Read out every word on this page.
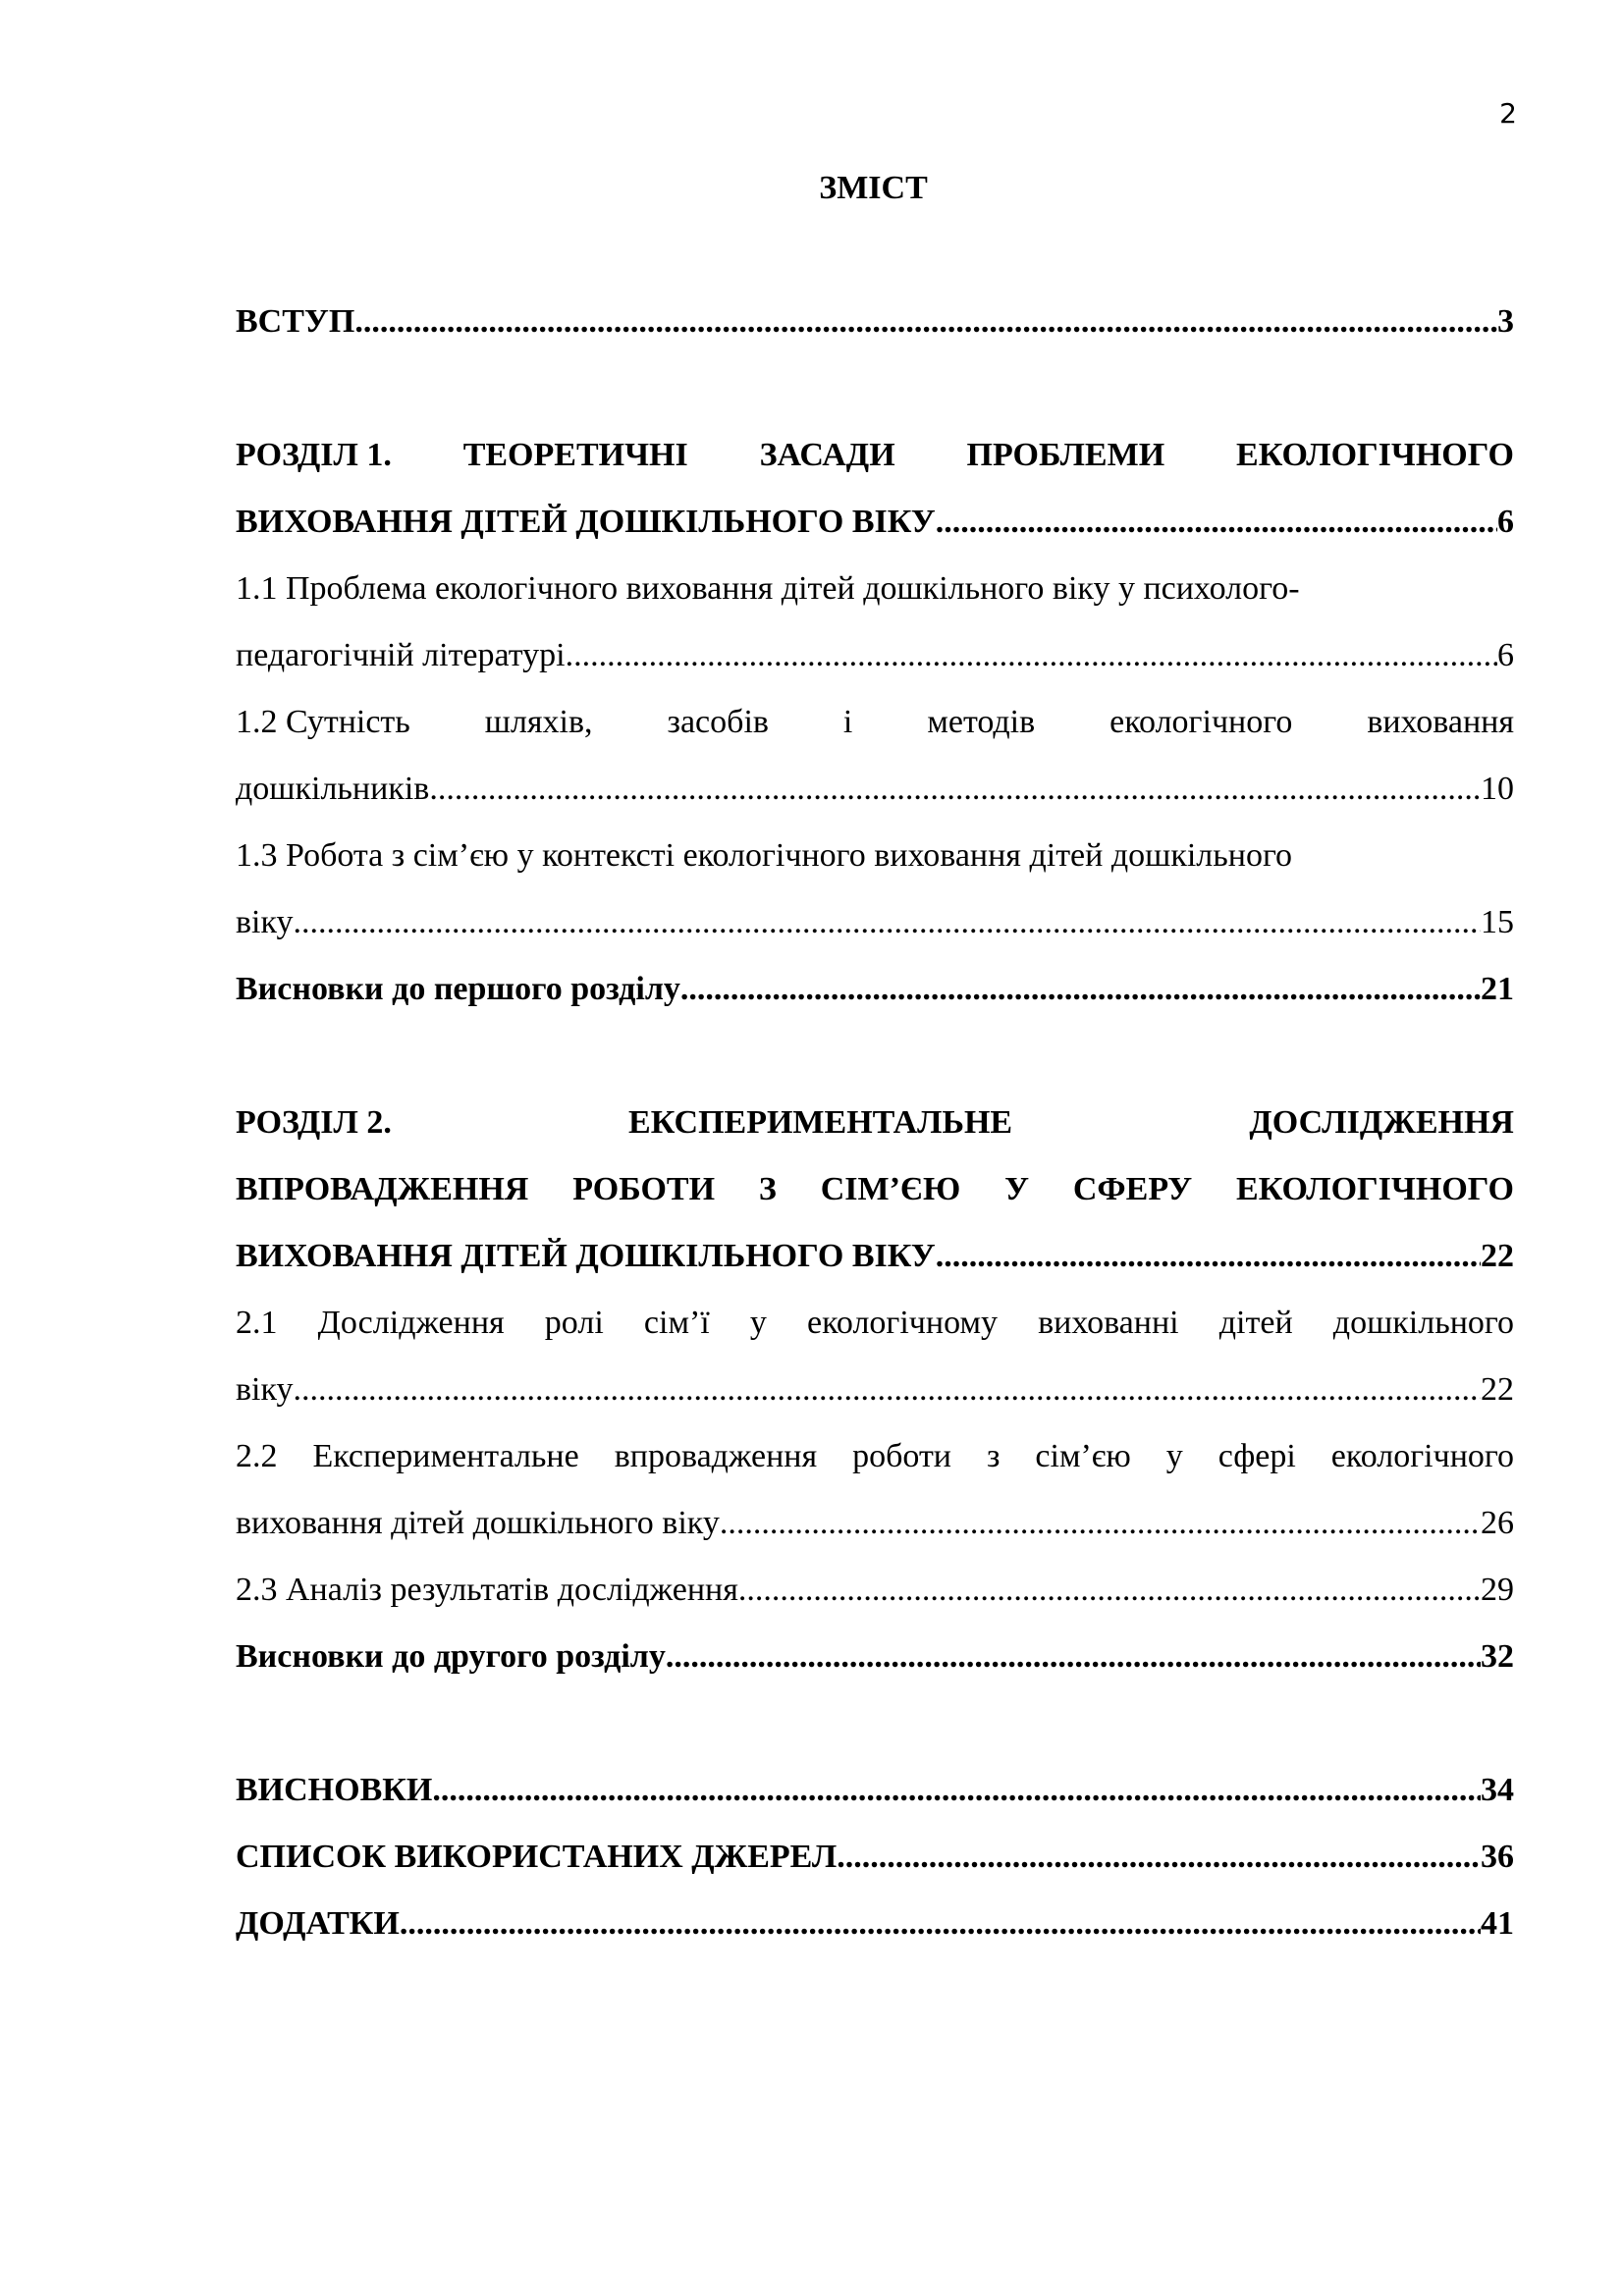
2
ЗМІСТ
ВСТУП .....	3
РОЗДІЛ 1. ТЕОРЕТИЧНІ ЗАСАДИ ПРОБЛЕМИ ЕКОЛОГІЧНОГО
ВИХОВАННЯ ДІТЕЙ ДОШКІЛЬНОГО ВІКУ .....	6
1.1 Проблема екологічного виховання дітей дошкільного віку у психолого-
педагогічній літературі .....	6
1.2 Сутність шляхів, засобів і методів екологічного виховання
дошкільників .....	10
1.3 Робота з сім’єю у контексті екологічного виховання дітей дошкільного
віку .....	15
Висновки до першого розділу .....	21
РОЗДІЛ 2.	ЕКСПЕРИМЕНТАЛЬНЕ	ДОСЛІДЖЕННЯ
ВПРОВАДЖЕННЯ РОБОТИ З СІМ’ЄЮ У СФЕРУ ЕКОЛОГІЧНОГО
ВИХОВАННЯ ДІТЕЙ ДОШКІЛЬНОГО ВІКУ .....	22
2.1 Дослідження ролі сім’ї у екологічному вихованні дітей дошкільного
віку .....	22
2.2 Експериментальне впровадження роботи з сім’єю у сфері екологічного
виховання дітей дошкільного віку .....	26
2.3 Аналіз результатів дослідження .....	29
Висновки до другого розділу .....	32
ВИСНОВКИ .....	34
СПИСОК ВИКОРИСТАНИХ ДЖЕРЕЛ .....	36
ДОДАТКИ .....	41
